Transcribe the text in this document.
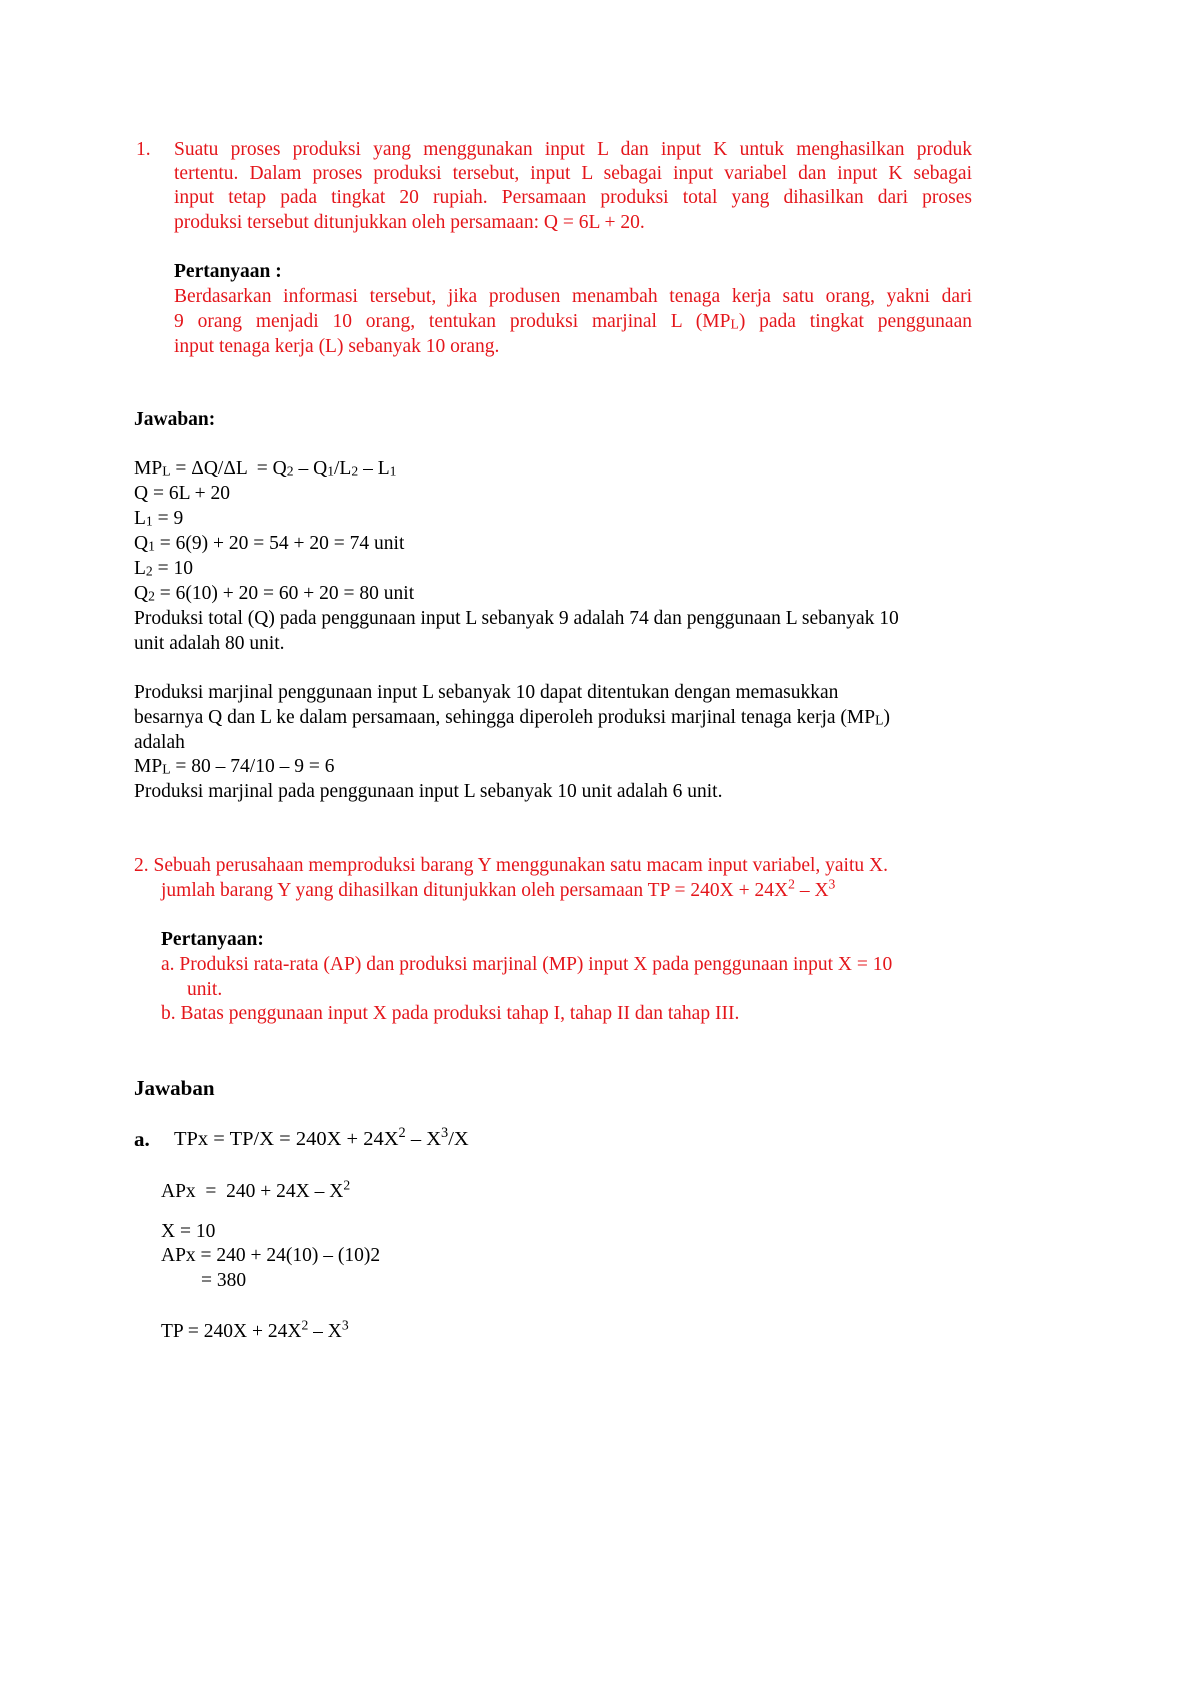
1. Suatu proses produksi yang menggunakan input L dan input K untuk menghasilkan produk
tertentu. Dalam proses produksi tersebut, input L sebagai input variabel dan input K sebagai
input tetap pada tingkat 20 rupiah. Persamaan produksi total yang dihasilkan dari proses
produksi tersebut ditunjukkan oleh persamaan: Q = 6L + 20.
Pertanyaan :
Berdasarkan informasi tersebut, jika produsen menambah tenaga kerja satu orang, yakni dari
9 orang menjadi 10 orang, tentukan produksi marjinal L (MPL) pada tingkat penggunaan
input tenaga kerja (L) sebanyak 10 orang.
Jawaban:
MPL = ΔQ/ΔL  = Q2 – Q1/L2 – L1
Q = 6L + 20
L1 = 9
Q1 = 6(9) + 20 = 54 + 20 = 74 unit
L2 = 10
Q2 = 6(10) + 20 = 60 + 20 = 80 unit
Produksi total (Q) pada penggunaan input L sebanyak 9 adalah 74 dan penggunaan L sebanyak 10
unit adalah 80 unit.
Produksi marjinal penggunaan input L sebanyak 10 dapat ditentukan dengan memasukkan
besarnya Q dan L ke dalam persamaan, sehingga diperoleh produksi marjinal tenaga kerja (MPL)
adalah
MPL = 80 – 74/10 – 9 = 6
Produksi marjinal pada penggunaan input L sebanyak 10 unit adalah 6 unit.
2. Sebuah perusahaan memproduksi barang Y menggunakan satu macam input variabel, yaitu X.
jumlah barang Y yang dihasilkan ditunjukkan oleh persamaan TP = $240X + 24X^2 - X^3$
Pertanyaan:
a. Produksi rata-rata (AP) dan produksi marjinal (MP) input X pada penggunaan input X = 10
unit.
b. Batas penggunaan input X pada produksi tahap I, tahap II dan tahap III.
Jawaban
a. TPx = $TP/X = 240X + 24X^2 - X^3/X$
APx  =  $240 + 24X - X^2$
X = 10
APx = 240 + 24(10) – (10)2
= 380
TP = $240X + 24X^2 - X^3$
